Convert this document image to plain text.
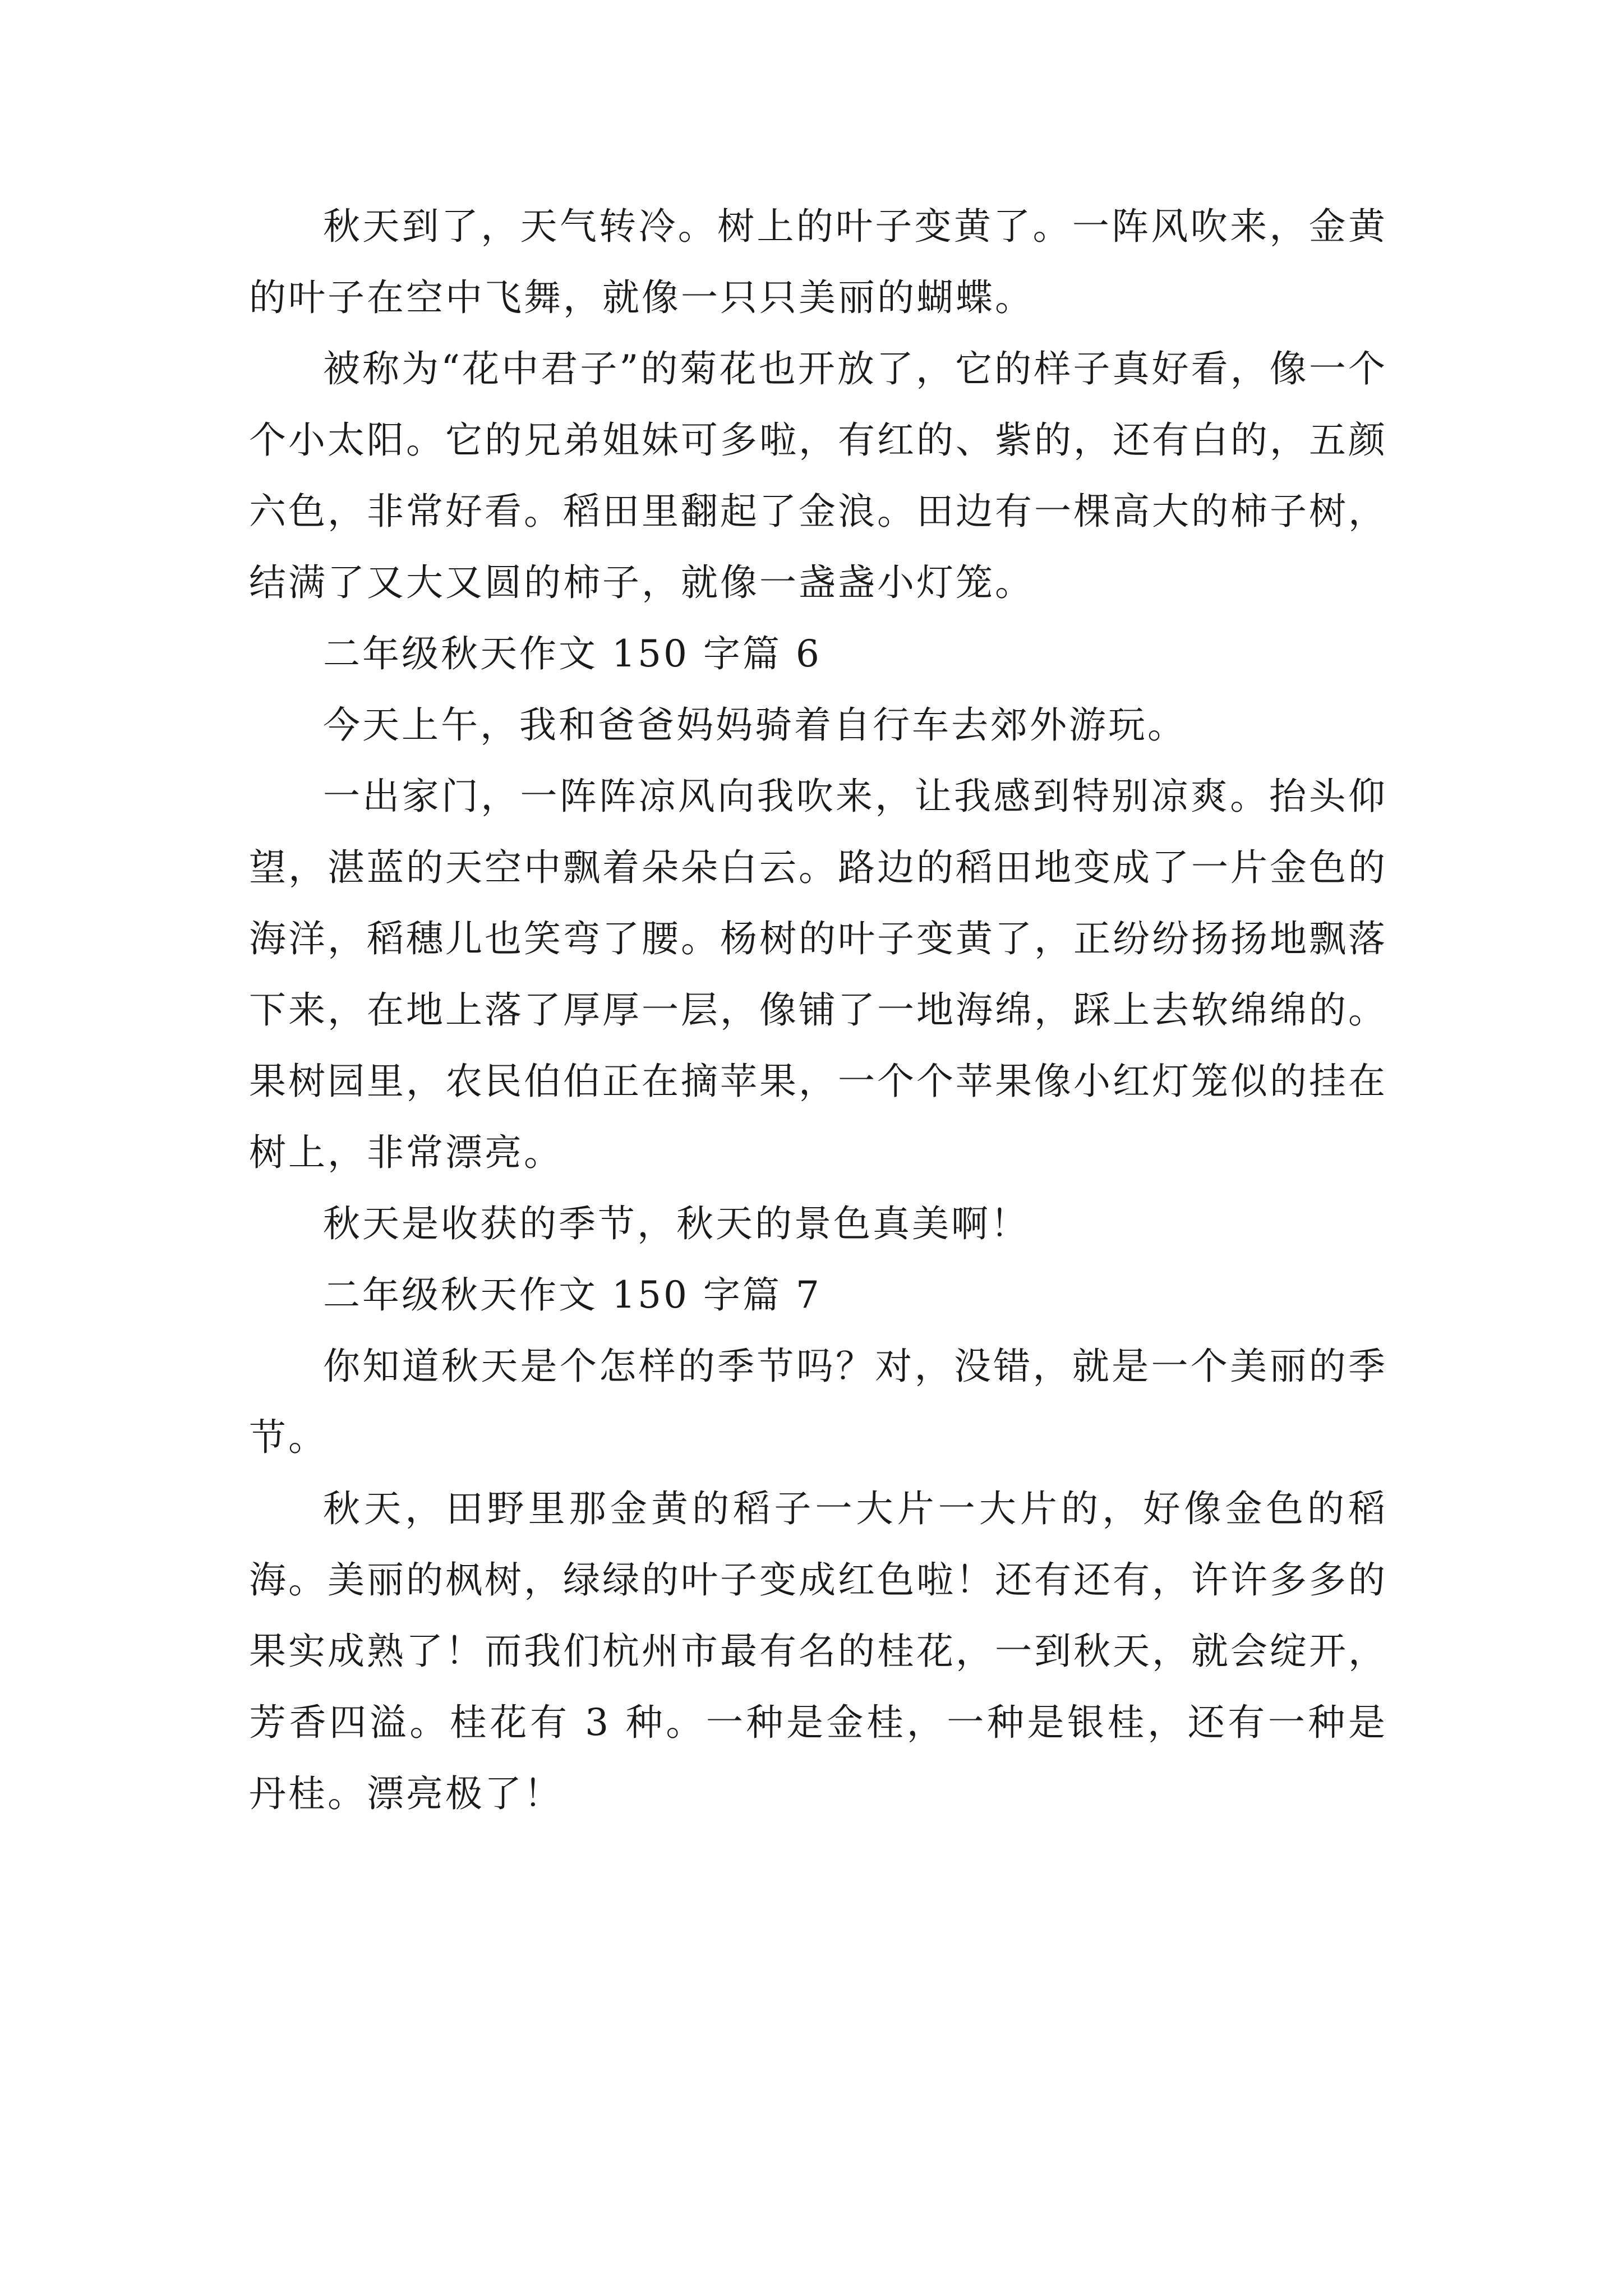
秋天到了，天气转冷。树上的叶子变黄了。一阵风吹来，金黄的叶子在空中飞舞，就像一只只美丽的蝴蝶。

被称为“花中君子”的菊花也开放了，它的样子真好看，像一个个小太阳。它的兄弟姐妹可多啦，有红的、紫的，还有白的，五颜六色，非常好看。稻田里翻起了金浪。田边有一棵高大的柿子树，结满了又大又圆的柿子，就像一盏盏小灯笼。

二年级秋天作文 150 字篇 6

今天上午，我和爸爸妈妈骑着自行车去郊外游玩。

一出家门，一阵阵凉风向我吹来，让我感到特别凉爽。抬头仰望，湛蓝的天空中飘着朵朵白云。路边的稻田地变成了一片金色的海洋，稻穗儿也笑弯了腰。杨树的叶子变黄了，正纷纷扬扬地飘落下来，在地上落了厚厚一层，像铺了一地海绵，踩上去软绵绵的。果树园里，农民伯伯正在摘苹果，一个个苹果像小红灯笼似的挂在树上，非常漂亮。

秋天是收获的季节，秋天的景色真美啊！

二年级秋天作文 150 字篇 7

你知道秋天是个怎样的季节吗？对，没错，就是一个美丽的季节。

秋天，田野里那金黄的稻子一大片一大片的，好像金色的稻海。美丽的枫树，绿绿的叶子变成红色啦！还有还有，许许多多的果实成熟了！而我们杭州市最有名的桂花，一到秋天，就会绽开，芳香四溢。桂花有 3 种。一种是金桂，一种是银桂，还有一种是丹桂。漂亮极了！
